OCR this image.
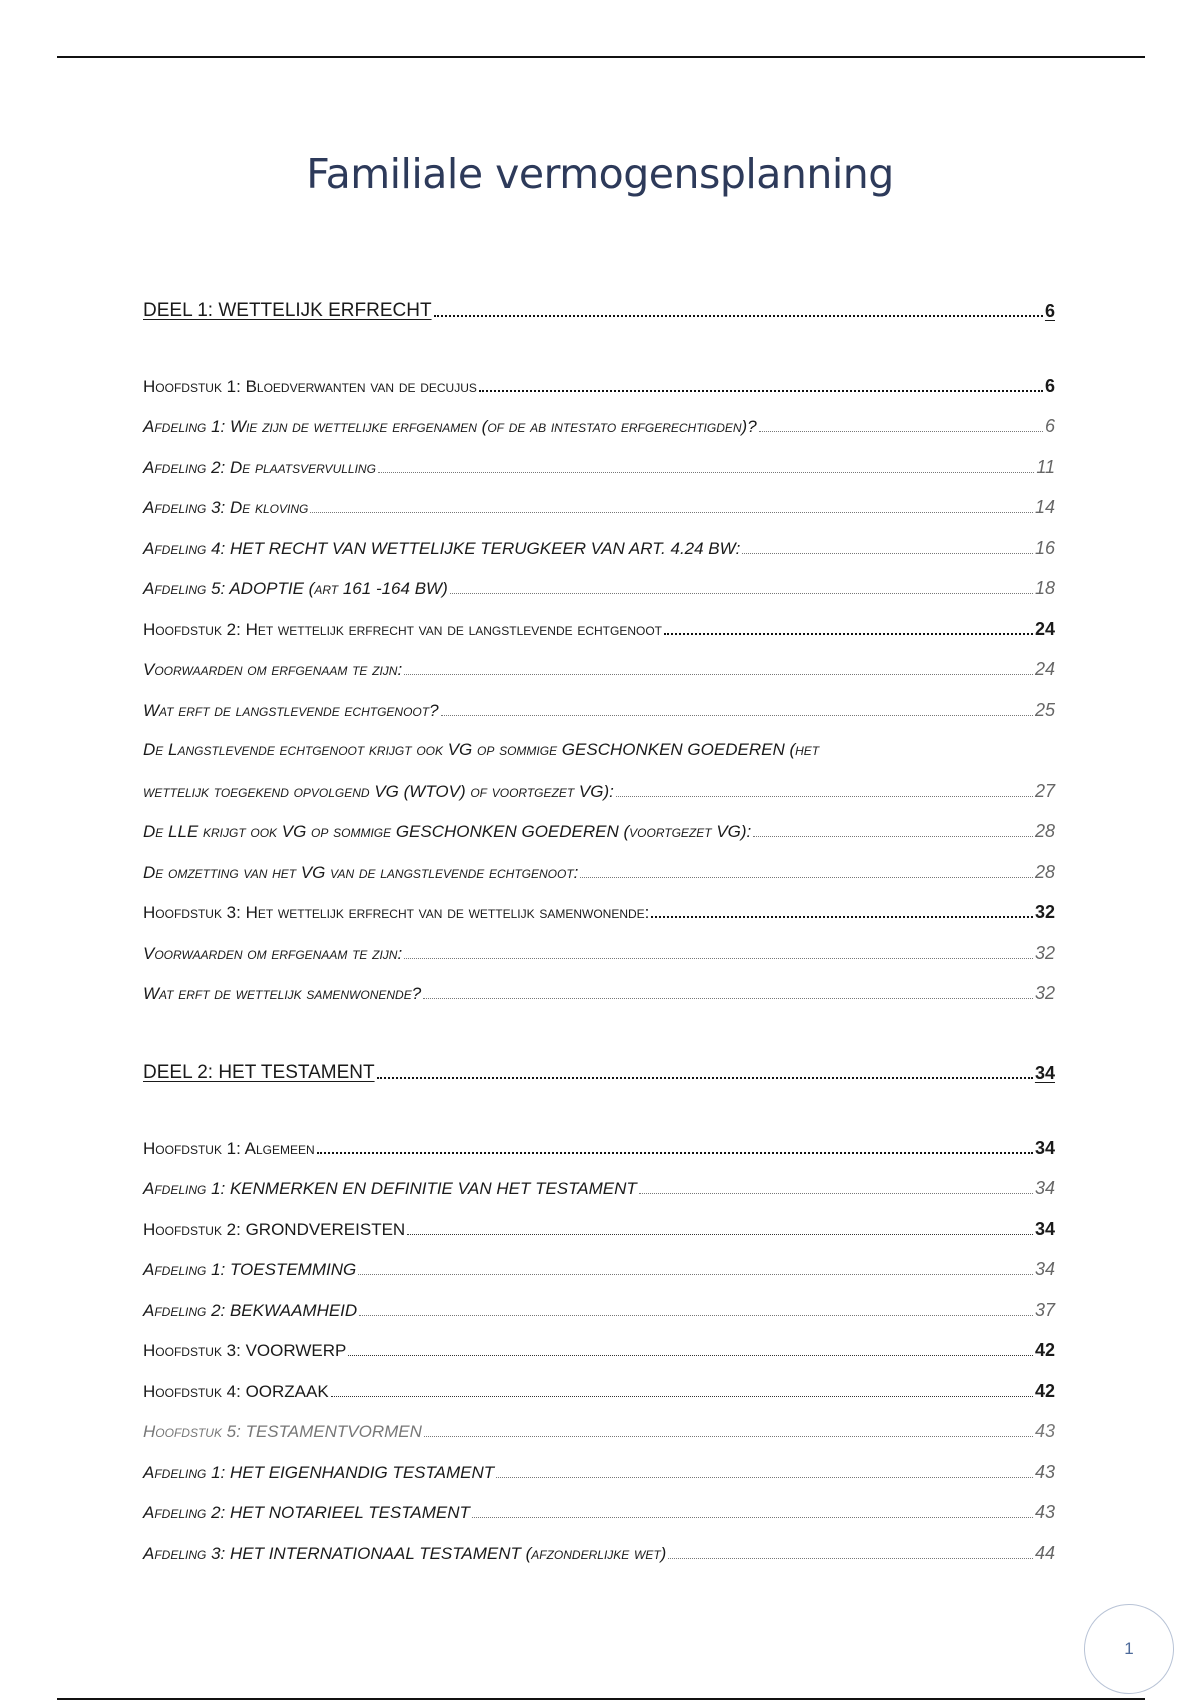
Familiale vermogensplanning
DEEL 1: WETTELIJK ERFRECHT	6
Hoofdstuk 1: Bloedverwanten van de decujus	6
Afdeling 1: Wie zijn de wettelijke erfgenamen (of de ab intestato erfgerechtigden)?	6
Afdeling 2: De plaatsvervulling	11
Afdeling 3: De kloving	14
Afdeling 4: HET RECHT VAN WETTELIJKE TERUGKEER VAN ART. 4.24 BW:	16
Afdeling 5: ADOPTIE (art 161 -164 BW)	18
Hoofdstuk 2: Het wettelijk erfrecht van de langstlevende echtgenoot	24
Voorwaarden om erfgenaam te zijn:	24
Wat erft de langstlevende echtgenoot?	25
De Langstlevende echtgenoot krijgt ook VG op sommige GESCHONKEN GOEDEREN (het
wettelijk toegekend opvolgend VG (WTOV) of voortgezet VG):	27
De LLE krijgt ook VG op sommige GESCHONKEN GOEDEREN (voortgezet VG):	28
De omzetting van het VG van de langstlevende echtgenoot:	28
Hoofdstuk 3: Het wettelijk erfrecht van de wettelijk samenwonende:	32
Voorwaarden om erfgenaam te zijn:	32
Wat erft de wettelijk samenwonende?	32
DEEL 2: HET TESTAMENT	34
Hoofdstuk 1: Algemeen	34
Afdeling 1: KENMERKEN EN DEFINITIE VAN HET TESTAMENT	34
Hoofdstuk 2: GRONDVEREISTEN	34
Afdeling 1: TOESTEMMING	34
Afdeling 2: BEKWAAMHEID	37
Hoofdstuk 3: VOORWERP	42
Hoofdstuk 4: OORZAAK	42
Hoofdstuk 5: TESTAMENTVORMEN	43
Afdeling 1: HET EIGENHANDIG TESTAMENT	43
Afdeling 2: HET NOTARIEEL TESTAMENT	43
Afdeling 3: HET INTERNATIONAAL TESTAMENT (afzonderlijke wet)	44
1
